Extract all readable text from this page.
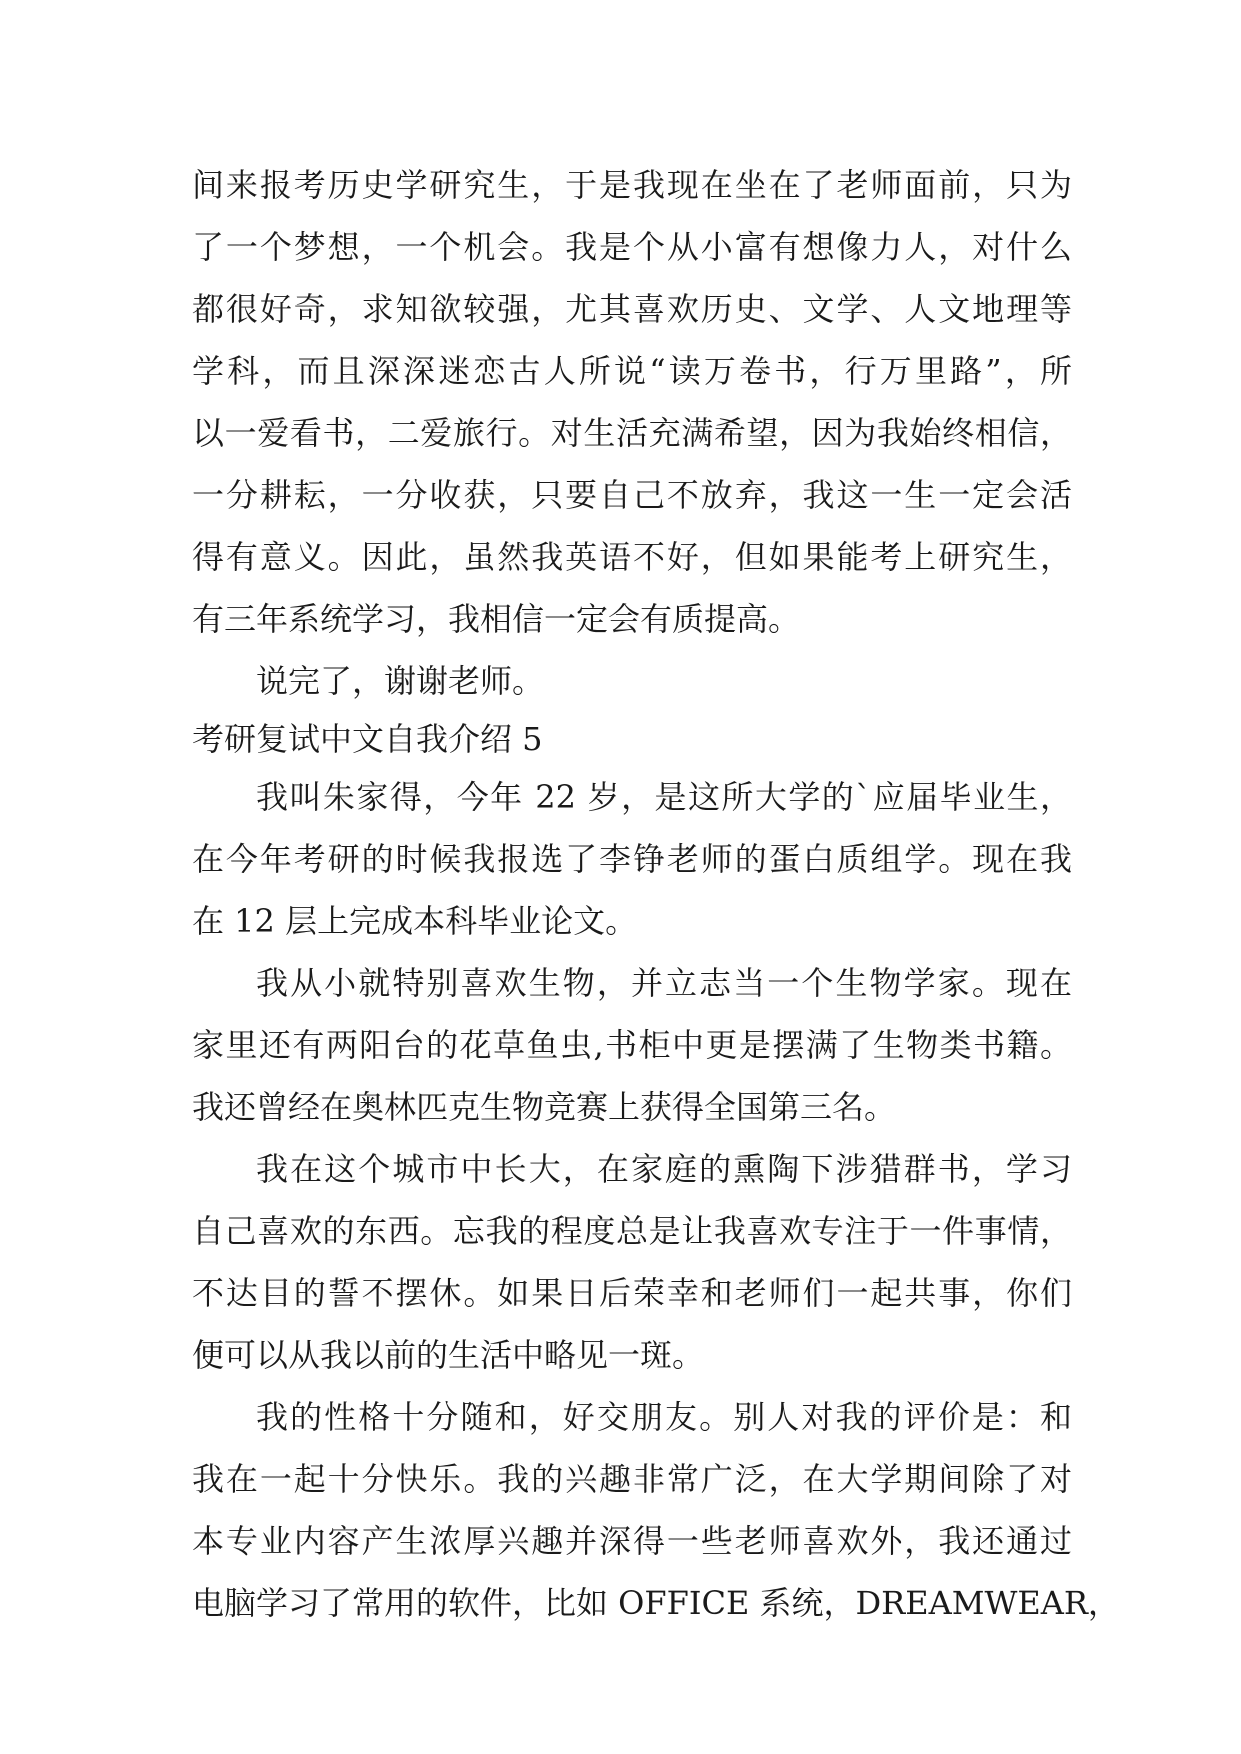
间来报考历史学研究生，于是我现在坐在了老师面前，只为
了一个梦想，一个机会。我是个从小富有想像力人，对什么
都很好奇，求知欲较强，尤其喜欢历史、文学、人文地理等
学科，而且深深迷恋古人所说“读万卷书，行万里路”，所
以一爱看书，二爱旅行。对生活充满希望，因为我始终相信，
一分耕耘，一分收获，只要自己不放弃，我这一生一定会活
得有意义。因此，虽然我英语不好，但如果能考上研究生，
有三年系统学习，我相信一定会有质提高。
说完了，谢谢老师。
考研复试中文自我介绍 5
我叫朱家得，今年 22 岁，是这所大学的`应届毕业生，
在今年考研的时候我报选了李铮老师的蛋白质组学。现在我
在 12 层上完成本科毕业论文。
我从小就特别喜欢生物，并立志当一个生物学家。现在
家里还有两阳台的花草鱼虫,书柜中更是摆满了生物类书籍。
我还曾经在奥林匹克生物竞赛上获得全国第三名。
我在这个城市中长大，在家庭的熏陶下涉猎群书，学习
自己喜欢的东西。忘我的程度总是让我喜欢专注于一件事情，
不达目的誓不摆休。如果日后荣幸和老师们一起共事，你们
便可以从我以前的生活中略见一斑。
我的性格十分随和，好交朋友。别人对我的评价是：和
我在一起十分快乐。我的兴趣非常广泛，在大学期间除了对
本专业内容产生浓厚兴趣并深得一些老师喜欢外，我还通过
电脑学习了常用的软件，比如 OFFICE 系统，DREAMWEAR，
